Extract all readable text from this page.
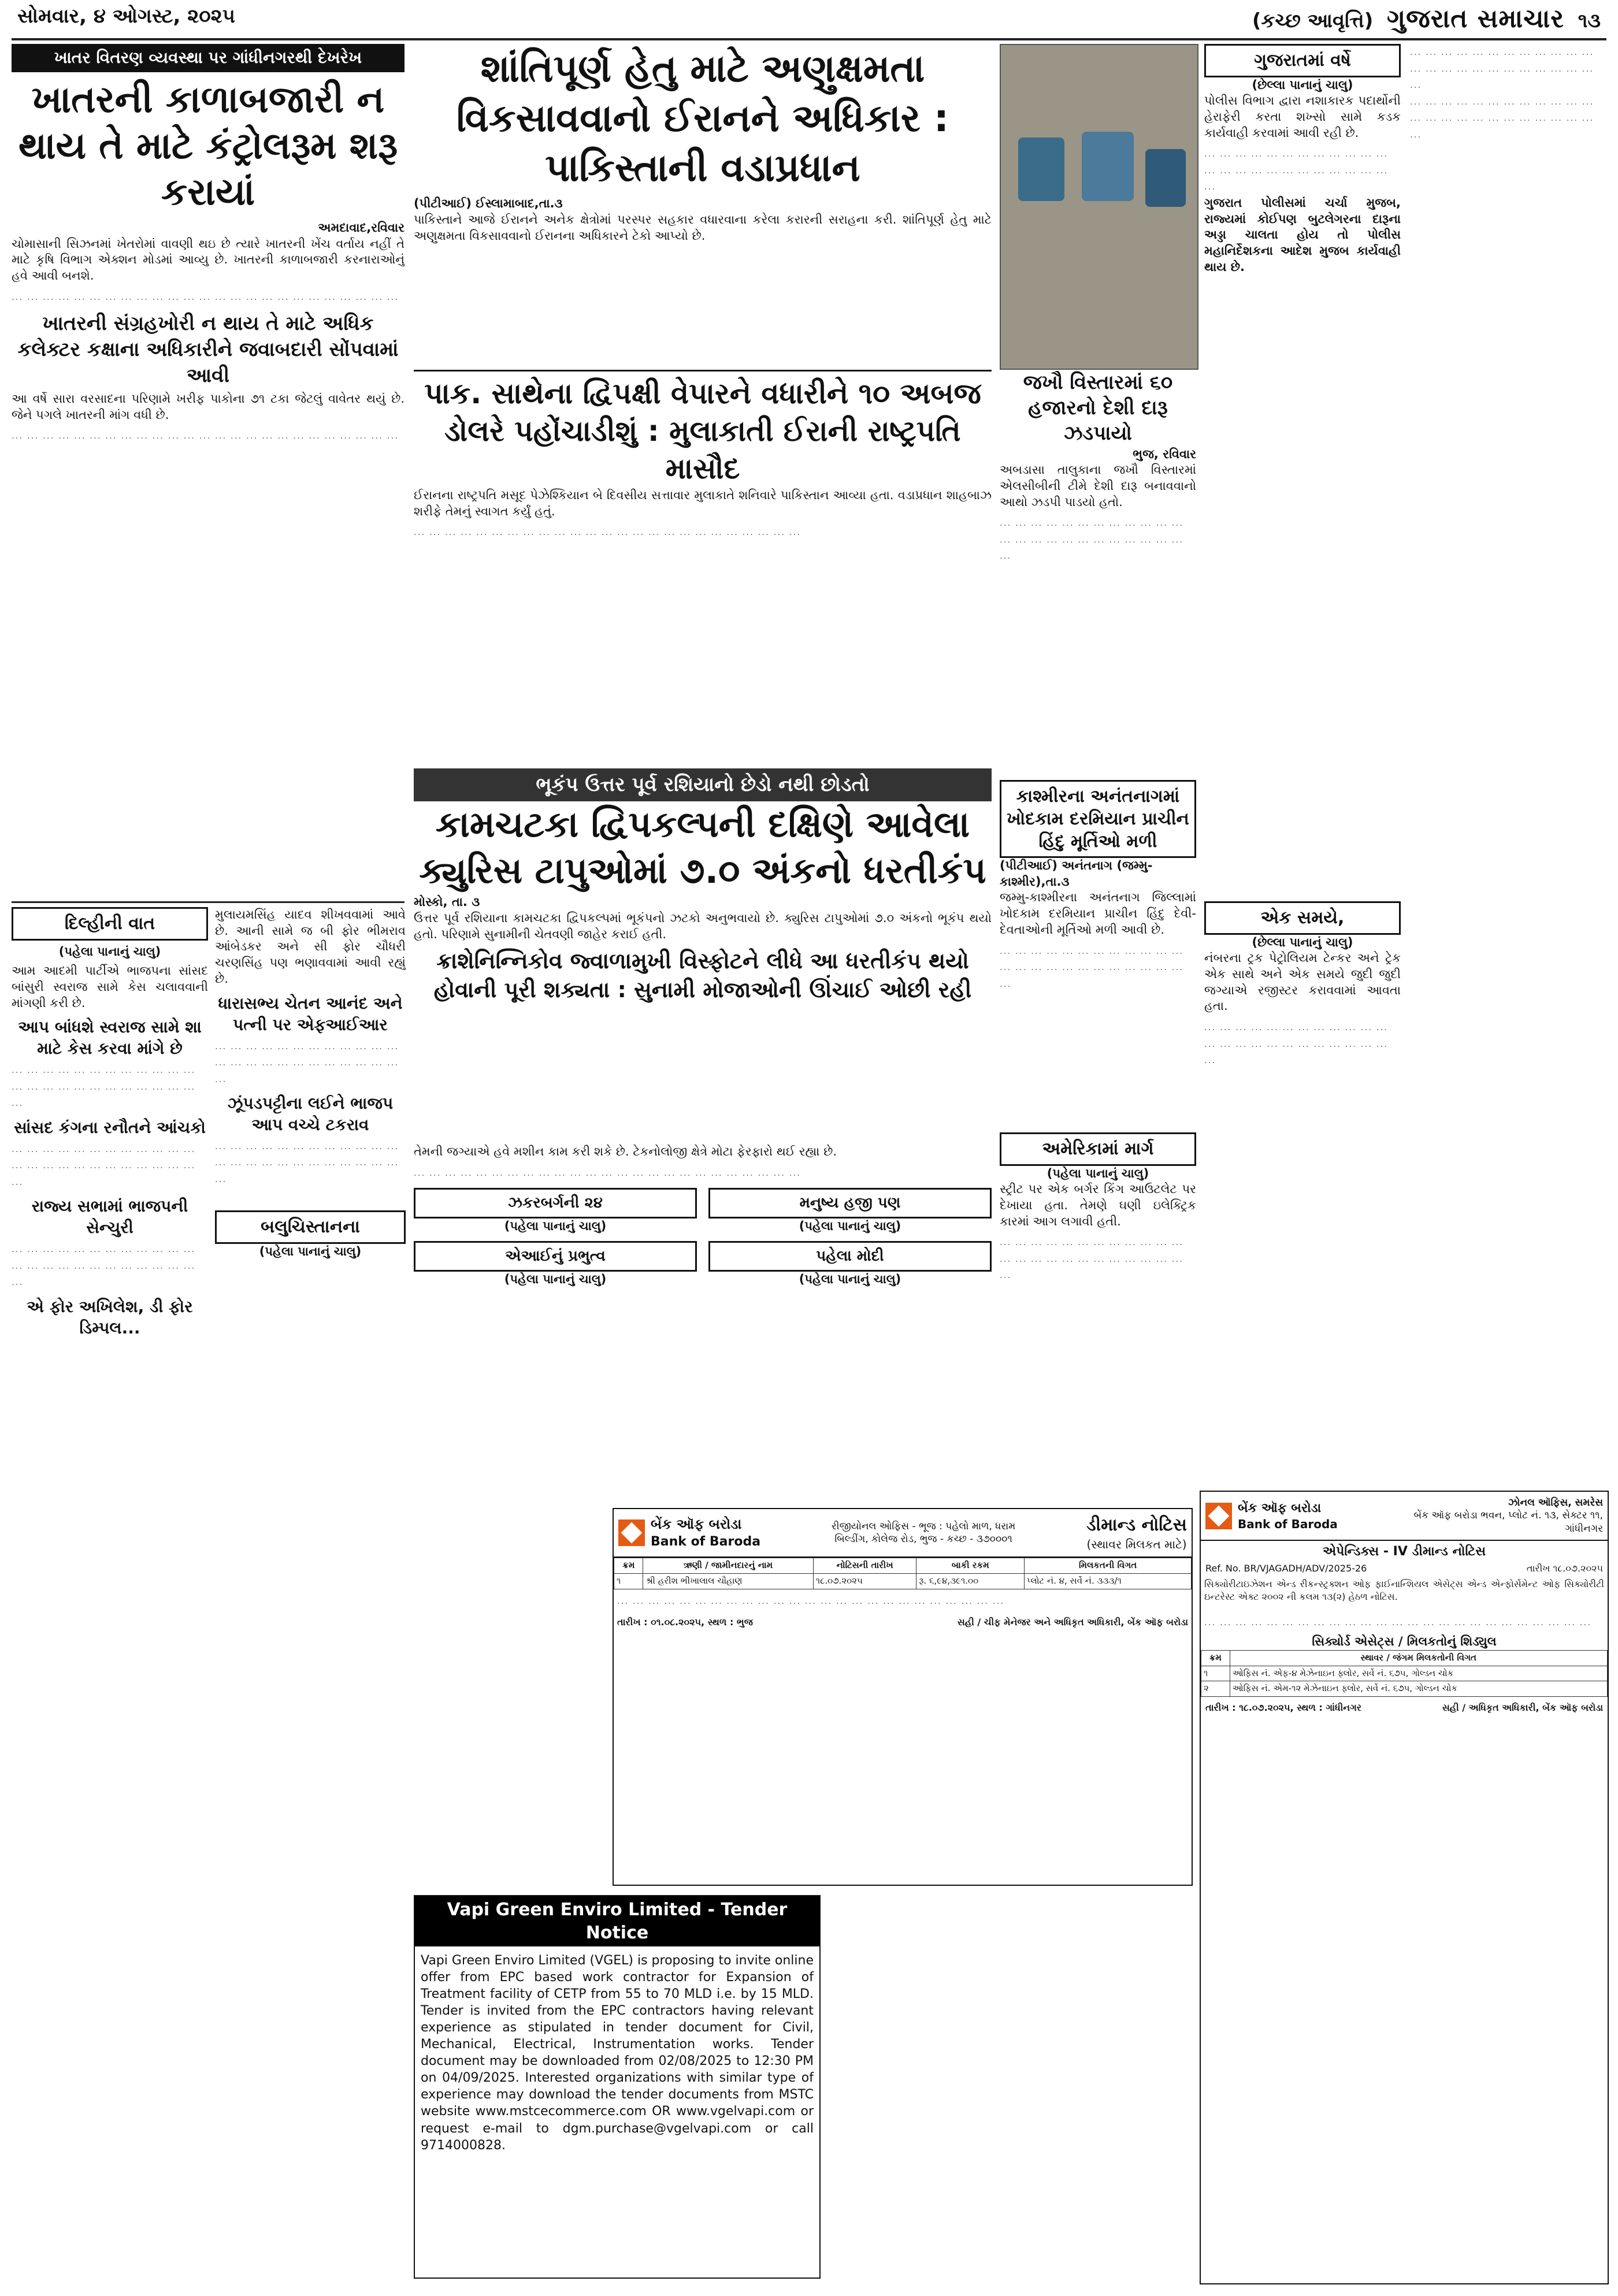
સોમવાર, ૪ ઓગસ્ટ, ૨૦૨૫	(કચ્છ આવૃત્તિ) ગુજરાત સમાચાર ૧૩
ખાતર વિતરણ વ્યવસ્થા પર ગાંધીનગરથી દેખરેખ
ખાતરની કાળાબજારી ન થાય તે માટે કંટ્રોલરૂમ શરૂ કરાયાં
અમદાવાદ,રવિવાર

ચોમાસાની સિઝનમાં ખેતરોમાં વાવણી થઇ છે ત્યારે ખાતરની ખેંચ વર્તાય નહીં તે માટે કૃષિ વિભાગ એક્શન મોડમાં આવ્યુ છે. ખાતરની કાળાબજારી કરનારાઓનું હવે આવી બનશે.

... ... ... ... ... ... ... ... ... ... ... ... ... ... ... ... ... ... ... ... ... ... ... ... ...
ખાતરની સંગ્રહખોરી ન થાય તે માટે અધિક કલેક્ટર કક્ષાના અધિકારીને જવાબદારી સોંપવામાં આવી

આ વર્ષે સારા વરસાદના પરિણામે ખરીફ પાકોના ૭૧ ટકા જેટલું વાવેતર થયું છે. જેને પગલે ખાતરની માંગ વધી છે.

... ... ... ... ... ... ... ... ... ... ... ... ... ... ... ... ... ... ... ... ... ... ... ... ...
દિલ્હીની વાત
(પહેલા પાનાનું ચાલુ)

આમ આદમી પાર્ટીએ ભાજપના સાંસદ બાંસુરી સ્વરાજ સામે કેસ ચલાવવાની માંગણી કરી છે.

આપ બાંધશે સ્વરાજ સામે શા માટે કેસ કરવા માંગે છે
... ... ... ... ... ... ... ... ... ... ... ... ... ... ... ... ... ... ... ... ... ... ... ... ...
સાંસદ કંગના રનૌતને આંચકો
... ... ... ... ... ... ... ... ... ... ... ... ... ... ... ... ... ... ... ... ... ... ... ... ...
રાજ્ય સભામાં ભાજપની સેન્ચુરી
... ... ... ... ... ... ... ... ... ... ... ... ... ... ... ... ... ... ... ... ... ... ... ... ...
એ ફોર અખિલેશ, ડી ફોર ડિમ્પલ...

મુલાયમસિંહ યાદવ શીખવવામાં આવે છે. આની સામે જ બી ફોર ભીમરાવ આંબેડકર અને સી ફોર ચૌધરી ચરણસિંહ પણ ભણાવવામાં આવી રહ્યું છે.

ધારાસભ્ય ચેતન આનંદ અને પત્ની પર એફઆઈઆર
... ... ... ... ... ... ... ... ... ... ... ... ... ... ... ... ... ... ... ... ... ... ... ... ...
ઝૂંપડપટ્ટીના લઈને ભાજપ આપ વચ્ચે ટકરાવ
... ... ... ... ... ... ... ... ... ... ... ... ... ... ... ... ... ... ... ... ... ... ... ... ...
બલુચિસ્તાનના
(પહેલા પાનાનું ચાલુ)
શાંતિપૂર્ણ હેતુ માટે અણુક્ષમતા વિકસાવવાનો ઈરાનને અધિકાર : પાકિસ્તાની વડાપ્રધાન
(પીટીઆઈ) ઈસ્લામાબાદ,તા.૩

પાકિસ્તાને આજે ઈરાનને અનેક ક્ષેત્રોમાં પરસ્પર સહકાર વધારવાના કરેલા કરારની સરાહના કરી. શાંતિપૂર્ણ હેતુ માટે અણુક્ષમતા વિકસાવવાનો ઈરાનના અધિકારને ટેકો આપ્યો છે.

પાક. સાથેના દ્વિપક્ષી વેપારને વધારીને ૧૦ અબજ ડોલરે પહોંચાડીશું : મુલાકાતી ઈરાની રાષ્ટ્રપતિ માસૌદ

ઈરાનના રાષ્ટ્રપતિ મસૂદ પેઝેશ્કિયાન બે દિવસીય સત્તાવાર મુલાકાતે શનિવારે પાકિસ્તાન આવ્યા હતા. વડાપ્રધાન શાહબાઝ શરીફે તેમનું સ્વાગત કર્યું હતું.

... ... ... ... ... ... ... ... ... ... ... ... ... ... ... ... ... ... ... ... ... ... ... ... ...
ભૂકંપ ઉત્તર પૂર્વ રશિયાનો છેડો નથી છોડતો
કામચટકા દ્વિપકલ્પની દક્ષિણે આવેલા ક્યુરિસ ટાપુઓમાં ૭.૦ અંકનો ધરતીકંપ
મોસ્કો, તા. ૩

ઉત્તર પૂર્વ રશિયાના કામચટકા દ્વિપકલ્પમાં ભૂકંપનો ઝટકો અનુભવાયો છે. ક્યુરિસ ટાપુઓમાં ૭.૦ અંકનો ભૂકંપ થયો હતો. પરિણામે સુનામીની ચેતવણી જાહેર કરાઈ હતી.

ક્રાશેનિન્નિકોવ જ્વાળામુખી વિસ્ફોટને લીધે આ ધરતીકંપ થયો હોવાની પૂરી શક્યતા : સુનામી મોજાઓની ઊંચાઈ ઓછી રહી

તેમની જગ્યાએ હવે મશીન કામ કરી શકે છે. ટેકનોલોજી ક્ષેત્રે મોટા ફેરફારો થઈ રહ્યા છે.

... ... ... ... ... ... ... ... ... ... ... ... ... ... ... ... ... ... ... ... ... ... ... ... ...
ઝકરબર્ગની ૨૪
(પહેલા પાનાનું ચાલુ)
મનુષ્ય હજી પણ
(પહેલા પાનાનું ચાલુ)
એઆઈનું પ્રભુત્વ
(પહેલા પાનાનું ચાલુ)
પહેલા મોદી
(પહેલા પાનાનું ચાલુ)
બેંક ઑફ બરોડા
Bank of Baroda
રીજીયોનલ ઓફિસ - ભૂજ : પહેલો માળ, ધરામ બિલ્ડીંગ, કોલેજ રોડ, ભુજ - કચ્છ - ૩૭૦૦૦૧
ડીમાન્ડ નોટિસ
(સ્થાવર મિલકત માટે)
ક્રમ	ઋણી / જામીનદારનું નામ	નોટિસની તારીખ	બાકી રકમ	મિલકતની વિગત
૧	શ્રી હરીશ ભીખાલાલ ચૌહાણ	૧૮.૦૭.૨૦૨૫	રૂ. ૬,૯૪,૩૯૧.૦૦	પ્લોટ નં. ૪, સર્વે નં. ૩૩૩/૧
... ... ... ... ... ... ... ... ... ... ... ... ... ... ... ... ... ... ... ... ... ... ... ... ...
તારીખ : ૦૧.૦૮.૨૦૨૫, સ્થળ : ભુજ	સહી / ચીફ મેનેજર અને અધિકૃત અધિકારી, બેંક ઑફ બરોડા
Vapi Green Enviro Limited - Tender Notice

Vapi Green Enviro Limited (VGEL) is proposing to invite online offer from EPC based work contractor for Expansion of Treatment facility of CETP from 55 to 70 MLD i.e. by 15 MLD. Tender is invited from the EPC contractors having relevant experience as stipulated in tender document for Civil, Mechanical, Electrical, Instrumentation works. Tender document may be downloaded from 02/08/2025 to 12:30 PM on 04/09/2025. Interested organizations with similar type of experience may download the tender documents from MSTC website www.mstcecommerce.com OR www.vgelvapi.com or request e-mail to dgm.purchase@vgelvapi.com or call 9714000828.

જખૌ વિસ્તારમાં ૬૦ હજારનો દેશી દારૂ ઝડપાયો
ભુજ, રવિવાર

અબડાસા તાલુકાના જખૌ વિસ્તારમાં એલસીબીની ટીમે દેશી દારૂ બનાવવાનો આથો ઝડપી પાડયો હતો.

... ... ... ... ... ... ... ... ... ... ... ... ... ... ... ... ... ... ... ... ... ... ... ... ...
કાશ્મીરના અનંતનાગમાં ખોદકામ દરમિયાન પ્રાચીન હિંદુ મૂર્તિઓ મળી
(પીટીઆઈ) અનંતનાગ (જમ્મુ-કાશ્મીર),તા.૩

જમ્મુ-કાશ્મીરના અનંતનાગ જિલ્લામાં ખોદકામ દરમિયાન પ્રાચીન હિંદુ દેવી-દેવતાઓની મૂર્તિઓ મળી આવી છે.

... ... ... ... ... ... ... ... ... ... ... ... ... ... ... ... ... ... ... ... ... ... ... ... ...
અમેરિકામાં માર્ગ
(પહેલા પાનાનું ચાલુ)

સ્ટ્રીટ પર એક બર્ગર કિંગ આઉટલેટ પર દેખાયા હતા. તેમણે ઘણી ઇલેક્ટ્રિક કારમાં આગ લગાવી હતી.

... ... ... ... ... ... ... ... ... ... ... ... ... ... ... ... ... ... ... ... ... ... ... ... ...
ગુજરાતમાં વર્ષે
(છેલ્લા પાનાનું ચાલુ)

પોલીસ વિભાગ દ્વારા નશાકારક પદાર્થોની હેરાફેરી કરતા શખ્સો સામે કડક કાર્યવાહી કરવામાં આવી રહી છે.

... ... ... ... ... ... ... ... ... ... ... ... ... ... ... ... ... ... ... ... ... ... ... ... ...

ગુજરાત પોલીસમાં ચર્ચા મુજબ, રાજ્યમાં કોઈપણ બુટલેગરના દારૂના અડ્ડા ચાલતા હોય તો પોલીસ મહાનિર્દેશકના આદેશ મુજબ કાર્યવાહી થાય છે.

એક સમયે,
(છેલ્લા પાનાનું ચાલુ)

નંબરના ટ્રક પેટ્રોલિયમ ટેન્કર અને ટ્રેક એક સાથે અને એક સમયે જુદી જુદી જગ્યાએ રજીસ્ટર કરાવવામાં આવતા હતા.

... ... ... ... ... ... ... ... ... ... ... ... ... ... ... ... ... ... ... ... ... ... ... ... ...
... ... ... ... ... ... ... ... ... ... ... ... ... ... ... ... ... ... ... ... ... ... ... ... ...
... ... ... ... ... ... ... ... ... ... ... ... ... ... ... ... ... ... ... ... ... ... ... ... ...
બેંક ઑફ બરોડા
Bank of Baroda
ઝોનલ ઑફિસ, સમરેસ
બેંક ઑફ બરોડા ભવન, પ્લોટ નં. ૧૩, સેક્ટર ૧૧, ગાંધીનગર
એપેન્ડિક્સ - IV ડીમાન્ડ નોટિસ
Ref. No. BR/VJAGADH/ADV/2025-26	તારીખ ૧૮.૦૭.૨૦૨૫

સિક્યોરીટાઇઝેશન એન્ડ રીકન્સ્ટ્રક્શન ઓફ ફાઈનાન્શિયલ એસેટ્સ એન્ડ એન્ફોર્સમેન્ટ ઓફ સિક્યોરીટી ઇન્ટરેસ્ટ એક્ટ ૨૦૦૨ ની કલમ ૧૩(૨) હેઠળ નોટિસ.

... ... ... ... ... ... ... ... ... ... ... ... ... ... ... ... ... ... ... ... ... ... ... ... ...
સિક્યોર્ડ એસેટ્સ / મિલકતોનું શિડ્યુલ
ક્રમ	સ્થાવર / જંગમ મિલકતોની વિગત
૧	ઓફિસ નં. એફ-૪ મેઝેનાઇન ફ્લોર, સર્વે નં. ૬૭૫, ગોલ્ડન ચોક
૨	ઓફિસ નં. એમ-૧૨ મેઝેનાઇન ફ્લોર, સર્વે નં. ૬૭૫, ગોલ્ડન ચોક
તારીખ : ૧૮.૦૭.૨૦૨૫, સ્થળ : ગાંધીનગર	સહી / અધિકૃત અધિકારી, બેંક ઑફ બરોડા
